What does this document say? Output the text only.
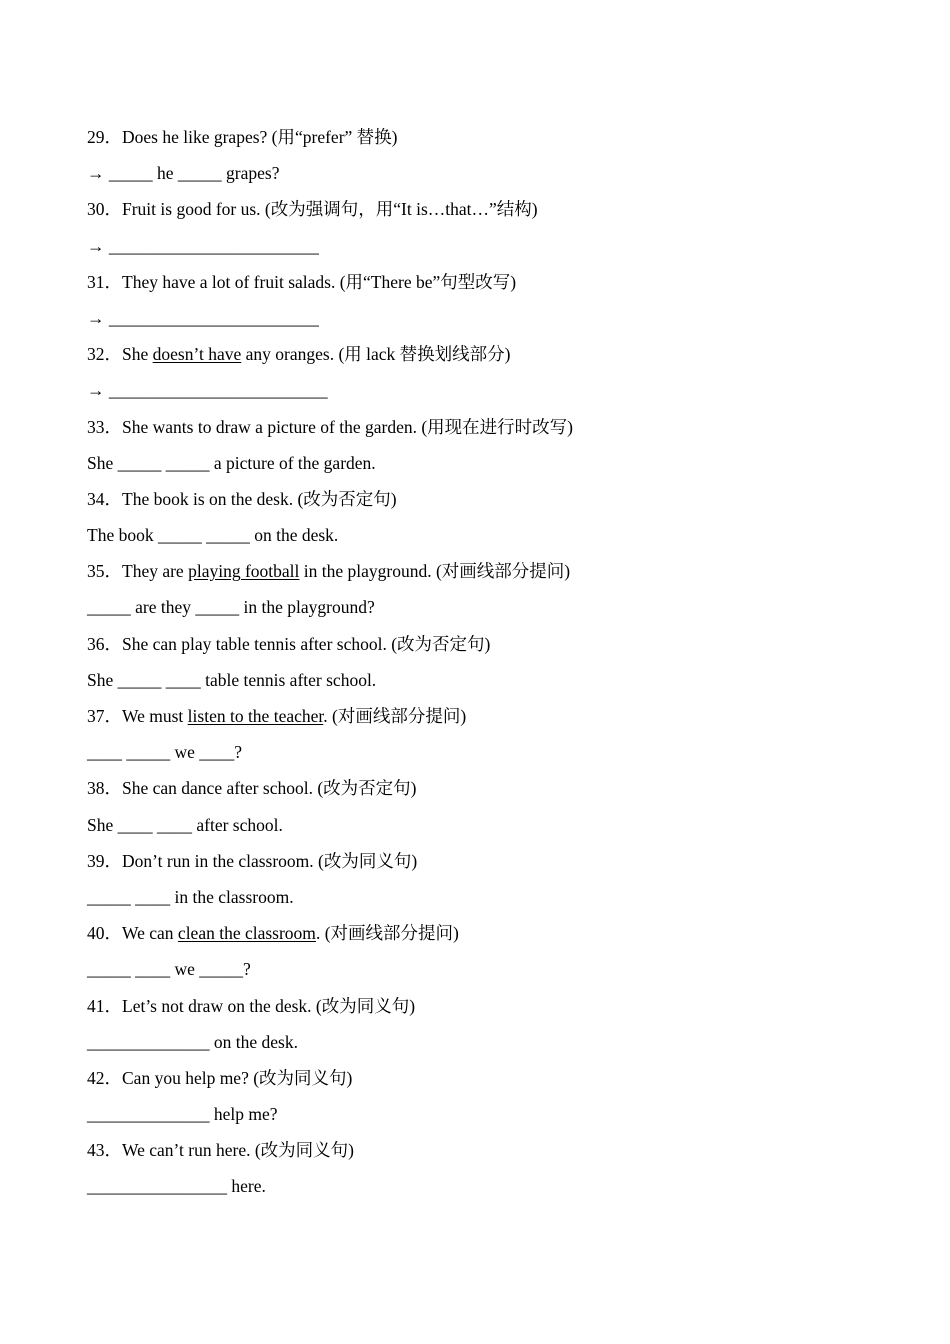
29．Does he like grapes? (用“prefer” 替换)
→ _____ he _____ grapes?
30．Fruit is good for us. (改为强调句，用“It is…that…”结构)
→ ________________________
31．They have a lot of fruit salads. (用“There be”句型改写)
→ ________________________
32．She doesn’t have any oranges. (用 lack 替换划线部分)
→ _________________________
33．She wants to draw a picture of the garden. (用现在进行时改写)
She _____ _____ a picture of the garden.
34．The book is on the desk. (改为否定句)
The book _____ _____ on the desk.
35．They are playing football in the playground. (对画线部分提问)
_____ are they _____ in the playground?
36．She can play table tennis after school. (改为否定句)
She _____ ____ table tennis after school.
37．We must listen to the teacher. (对画线部分提问)
____ _____ we ____?
38．She can dance after school. (改为否定句)
She ____ ____ after school.
39．Don’t run in the classroom. (改为同义句)
_____ ____ in the classroom.
40．We can clean the classroom. (对画线部分提问)
_____ ____ we _____?
41．Let’s not draw on the desk. (改为同义句)
______________ on the desk.
42．Can you help me? (改为同义句)
______________ help me?
43．We can’t run here. (改为同义句)
________________ here.
